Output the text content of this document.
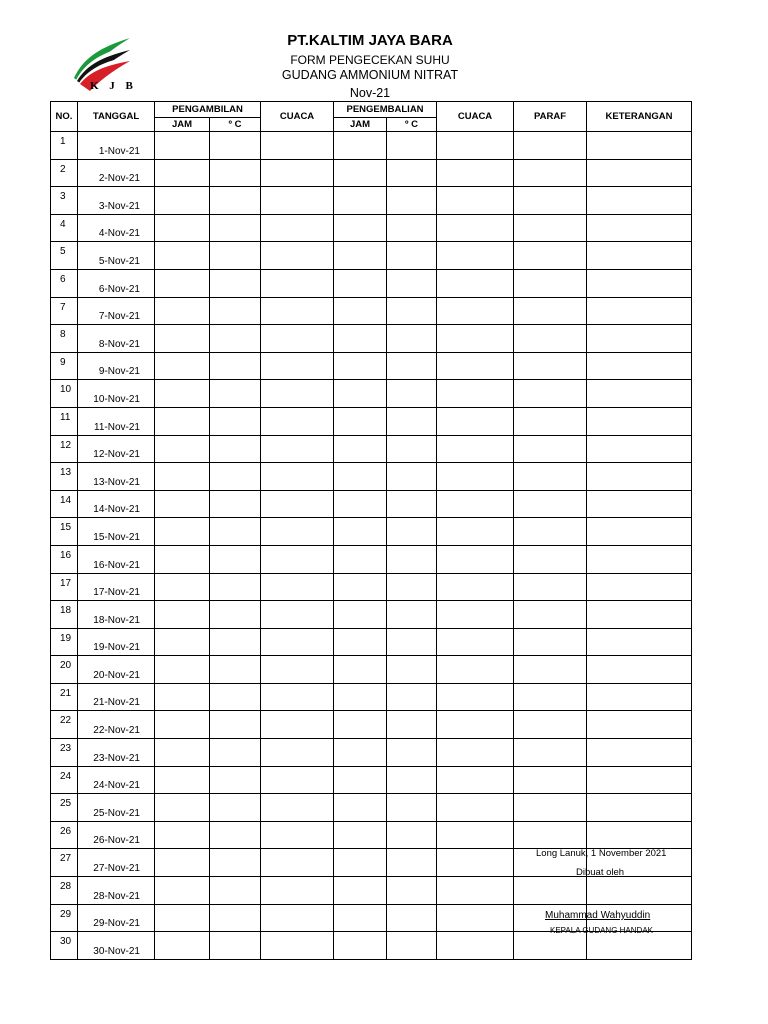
K J B
PT.KALTIM JAYA BARA
FORM PENGECEKAN SUHU
GUDANG AMMONIUM NITRAT
Nov-21
NO.	TANGGAL	PENGAMBILAN		CUACA	PENGEMBALIAN		CUACA	PARAF	KETERANGAN
		JAM	º C		JAM	º C			
1	1-Nov-21								
2	2-Nov-21								
3	3-Nov-21								
4	4-Nov-21								
5	5-Nov-21								
6	6-Nov-21								
7	7-Nov-21								
8	8-Nov-21								
9	9-Nov-21								
10	10-Nov-21								
11	11-Nov-21								
12	12-Nov-21								
13	13-Nov-21								
14	14-Nov-21								
15	15-Nov-21								
16	16-Nov-21								
17	17-Nov-21								
18	18-Nov-21								
19	19-Nov-21								
20	20-Nov-21								
21	21-Nov-21								
22	22-Nov-21								
23	23-Nov-21								
24	24-Nov-21								
25	25-Nov-21								
26	26-Nov-21								
27	27-Nov-21								
28	28-Nov-21								
29	29-Nov-21								
30	30-Nov-21								
Long Lanuk, 1 November 2021
Dibuat oleh
Muhammad Wahyuddin
KEPALA GUDANG HANDAK
